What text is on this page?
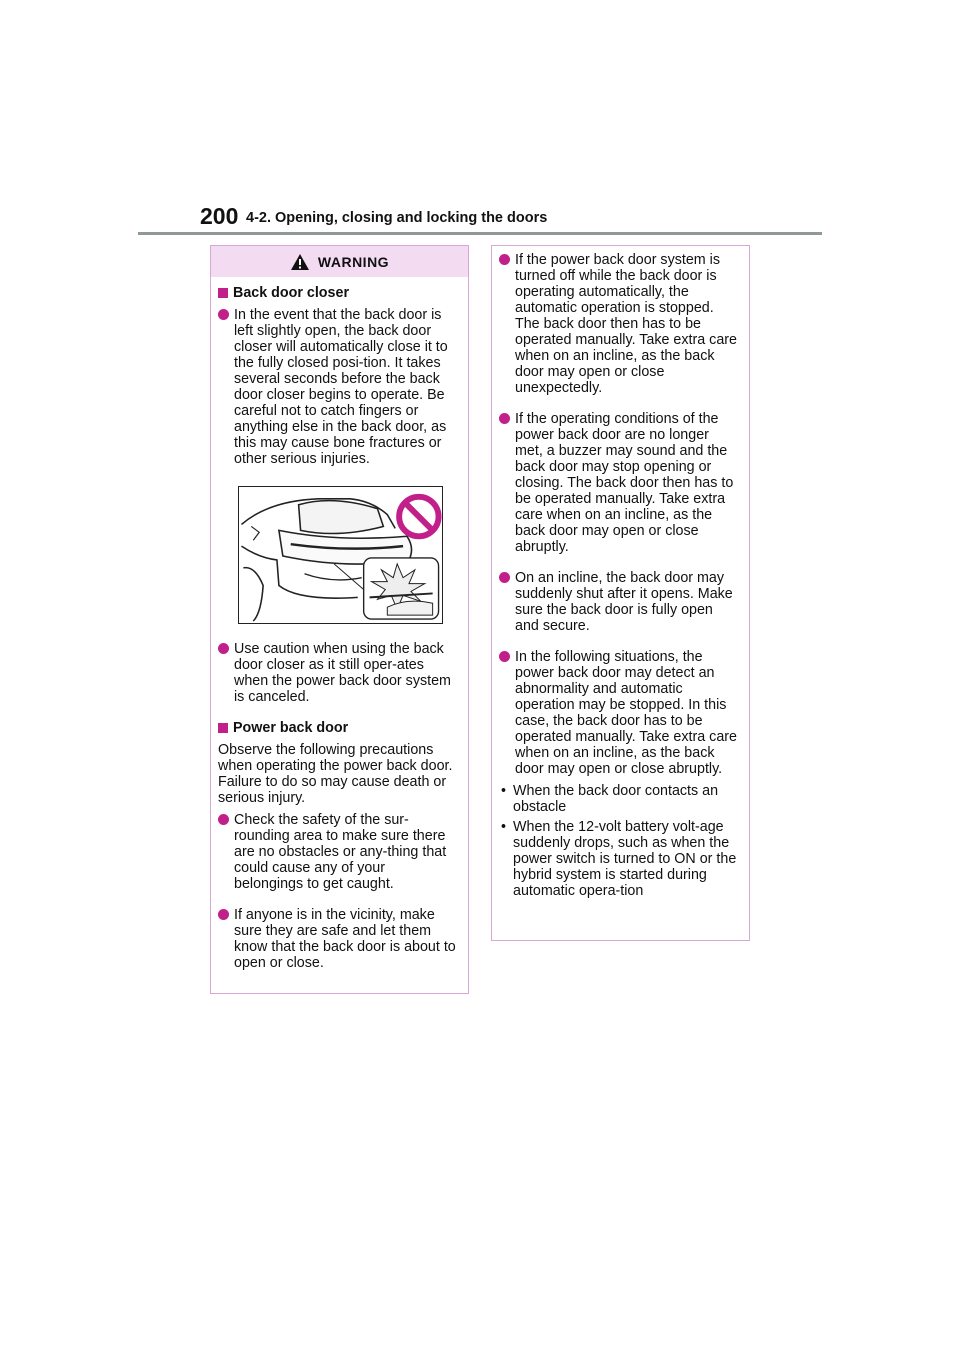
200 4-2. Opening, closing and locking the doors
WARNING
Back door closer
In the event that the back door is left slightly open, the back door closer will automatically close it to the fully closed posi-tion. It takes several seconds before the back door closer begins to operate. Be careful not to catch fingers or anything else in the back door, as this may cause bone fractures or other serious injuries.
Use caution when using the back door closer as it still oper-ates when the power back door system is canceled.
Power back door
Observe the following precautions when operating the power back door.
Failure to do so may cause death or serious injury.
Check the safety of the sur-rounding area to make sure there are no obstacles or any-thing that could cause any of your belongings to get caught.
If anyone is in the vicinity, make sure they are safe and let them know that the back door is about to open or close.
If the power back door system is turned off while the back door is operating automatically, the automatic operation is stopped. The back door then has to be operated manually. Take extra care when on an incline, as the back door may open or close unexpectedly.
If the operating conditions of the power back door are no longer met, a buzzer may sound and the back door may stop opening or closing. The back door then has to be operated manually. Take extra care when on an incline, as the back door may open or close abruptly.
On an incline, the back door may suddenly shut after it opens. Make sure the back door is fully open and secure.
In the following situations, the power back door may detect an abnormality and automatic operation may be stopped. In this case, the back door has to be operated manually. Take extra care when on an incline, as the back door may open or close abruptly.
• When the back door contacts an obstacle
• When the 12-volt battery volt-age suddenly drops, such as when the power switch is turned to ON or the hybrid system is started during automatic opera-tion
